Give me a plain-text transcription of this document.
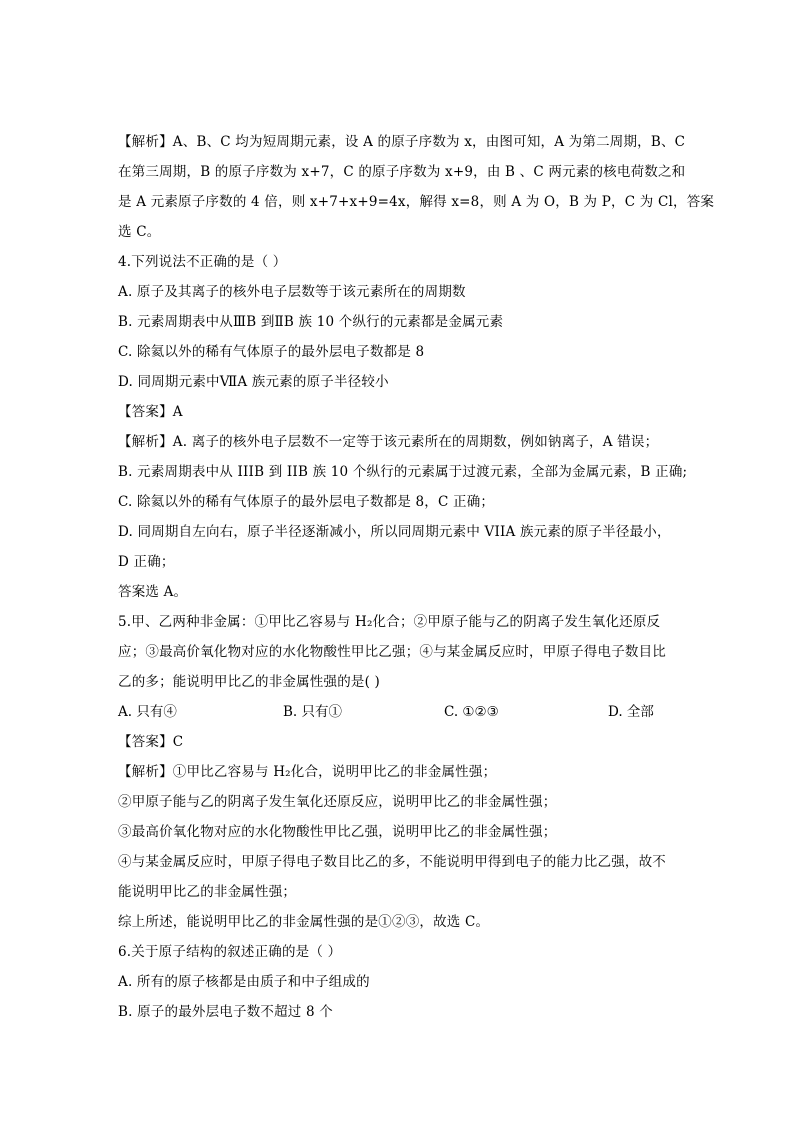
【解析】A、B、C 均为短周期元素，设 A 的原子序数为 x，由图可知，A 为第二周期，B、C
在第三周期，B 的原子序数为 x+7，C 的原子序数为 x+9，由 B 、C 两元素的核电荷数之和
是 A 元素原子序数的 4 倍，则 x+7+x+9=4x，解得 x=8，则 A 为 O，B 为 P，C 为 Cl，答案
选 C。
4.下列说法不正确的是（ ）
A. 原子及其离子的核外电子层数等于该元素所在的周期数
B. 元素周期表中从ⅢB 到ⅡB 族 10 个纵行的元素都是金属元素
C. 除氦以外的稀有气体原子的最外层电子数都是 8
D. 同周期元素中ⅦA 族元素的原子半径较小
【答案】A
【解析】A. 离子的核外电子层数不一定等于该元素所在的周期数，例如钠离子，A 错误；
B. 元素周期表中从 IIIB 到 IIB 族 10 个纵行的元素属于过渡元素，全部为金属元素，B 正确;
C. 除氦以外的稀有气体原子的最外层电子数都是 8，C 正确；
D. 同周期自左向右，原子半径逐渐减小，所以同周期元素中 VIIA 族元素的原子半径最小，
D 正确；
答案选 A。
5.甲、乙两种非金属：①甲比乙容易与 H₂化合；②甲原子能与乙的阴离子发生氧化还原反
应；③最高价氧化物对应的水化物酸性甲比乙强；④与某金属反应时，甲原子得电子数目比
乙的多；能说明甲比乙的非金属性强的是( )
A. 只有④	B. 只有①	C. ①②③	D. 全部
【答案】C
【解析】①甲比乙容易与 H₂化合，说明甲比乙的非金属性强；
②甲原子能与乙的阴离子发生氧化还原反应，说明甲比乙的非金属性强；
③最高价氧化物对应的水化物酸性甲比乙强，说明甲比乙的非金属性强；
④与某金属反应时，甲原子得电子数目比乙的多，不能说明甲得到电子的能力比乙强，故不
能说明甲比乙的非金属性强；
综上所述，能说明甲比乙的非金属性强的是①②③，故选 C。
6.关于原子结构的叙述正确的是（ ）
A. 所有的原子核都是由质子和中子组成的
B. 原子的最外层电子数不超过 8 个
